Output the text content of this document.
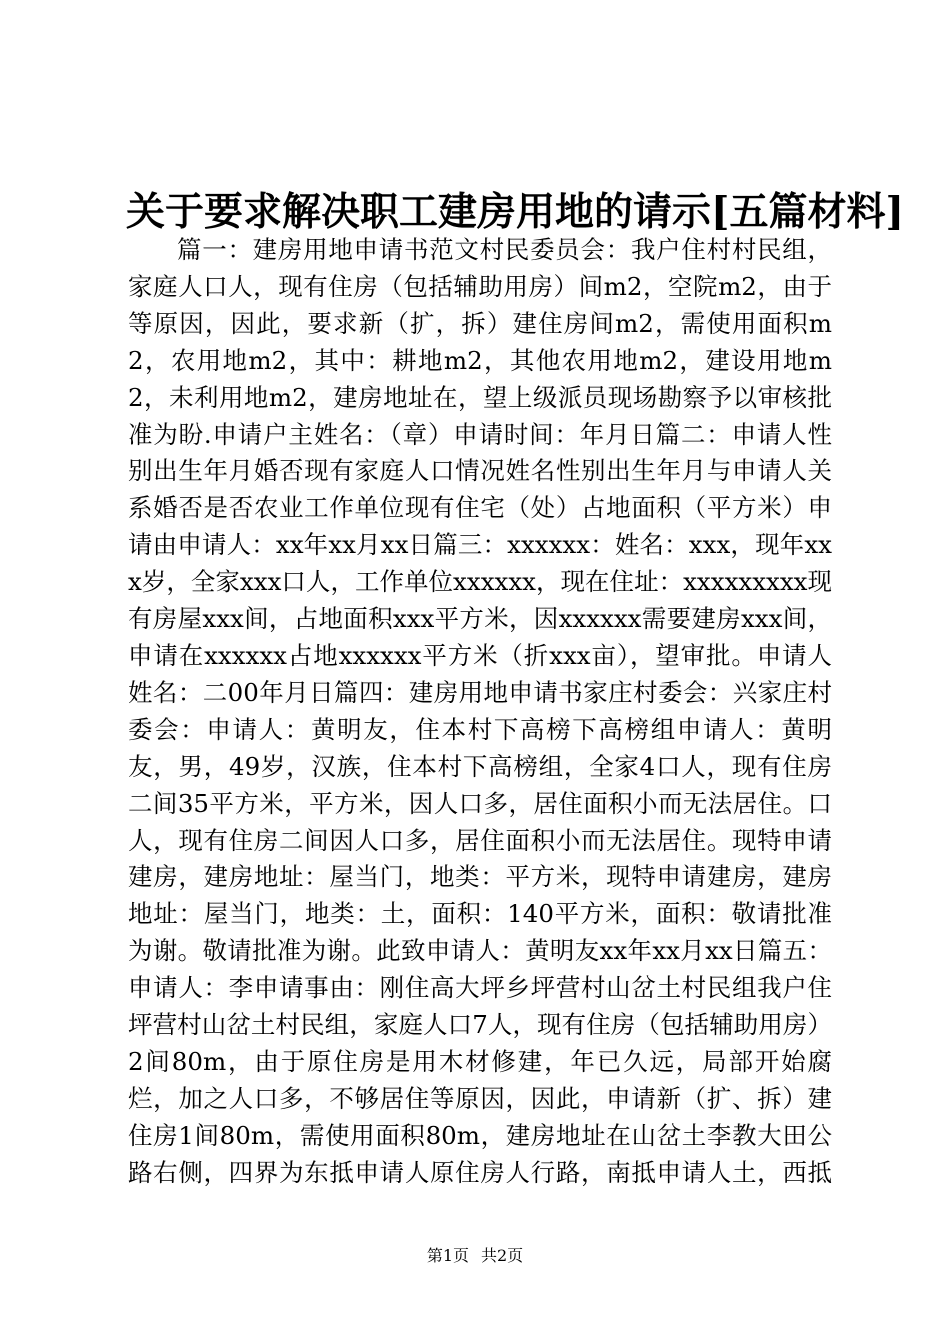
关于要求解决职工建房用地的请示[五篇材料]

篇一：建房用地申请书范文村民委员会：我户住村村民组，家庭人口人，现有住房（包括辅助用房）间m2，空院m2，由于等原因，因此，要求新（扩，拆）建住房间m2，需使用面积m2，农用地m2，其中：耕地m2，其他农用地m2，建设用地m2，未利用地m2，建房地址在，望上级派员现场勘察予以审核批准为盼.申请户主姓名：（章）申请时间：年月日篇二：申请人性别出生年月婚否现有家庭人口情况姓名性别出生年月与申请人关系婚否是否农业工作单位现有住宅（处）占地面积（平方米）申请由申请人：xx年xx月xx日篇三：xxxxxx：姓名：xxx，现年xxx岁，全家xxx口人，工作单位xxxxxx，现在住址：xxxxxxxxx现有房屋xxx间，占地面积xxx平方米，因xxxxxx需要建房xxx间，申请在xxxxxx占地xxxxxx平方米（折xxx亩），望审批。申请人姓名：二00年月日篇四：建房用地申请书家庄村委会：兴家庄村委会：申请人：黄明友，住本村下高榜下高榜组申请人：黄明友，男，49岁，汉族，住本村下高榜组，全家4口人，现有住房二间35平方米，平方米，因人口多，居住面积小而无法居住。口人，现有住房二间因人口多，居住面积小而无法居住。现特申请建房，建房地址：屋当门，地类：平方米，现特申请建房，建房地址：屋当门，地类：土，面积：140平方米，面积：敬请批准为谢。敬请批准为谢。此致申请人：黄明友xx年xx月xx日篇五：申请人：李申请事由：刚住高大坪乡坪营村山岔土村民组我户住坪营村山岔土村民组，家庭人口7人，现有住房（包括辅助用房）2间80m，由于原住房是用木材修建，年已久远，局部开始腐烂，加之人口多，不够居住等原因，因此，申请新（扩、拆）建住房1间80m，需使用面积80m，建房地址在山岔土李教大田公路右侧，四界为东抵申请人原住房人行路，南抵申请人土，西抵

第1页 共2页
